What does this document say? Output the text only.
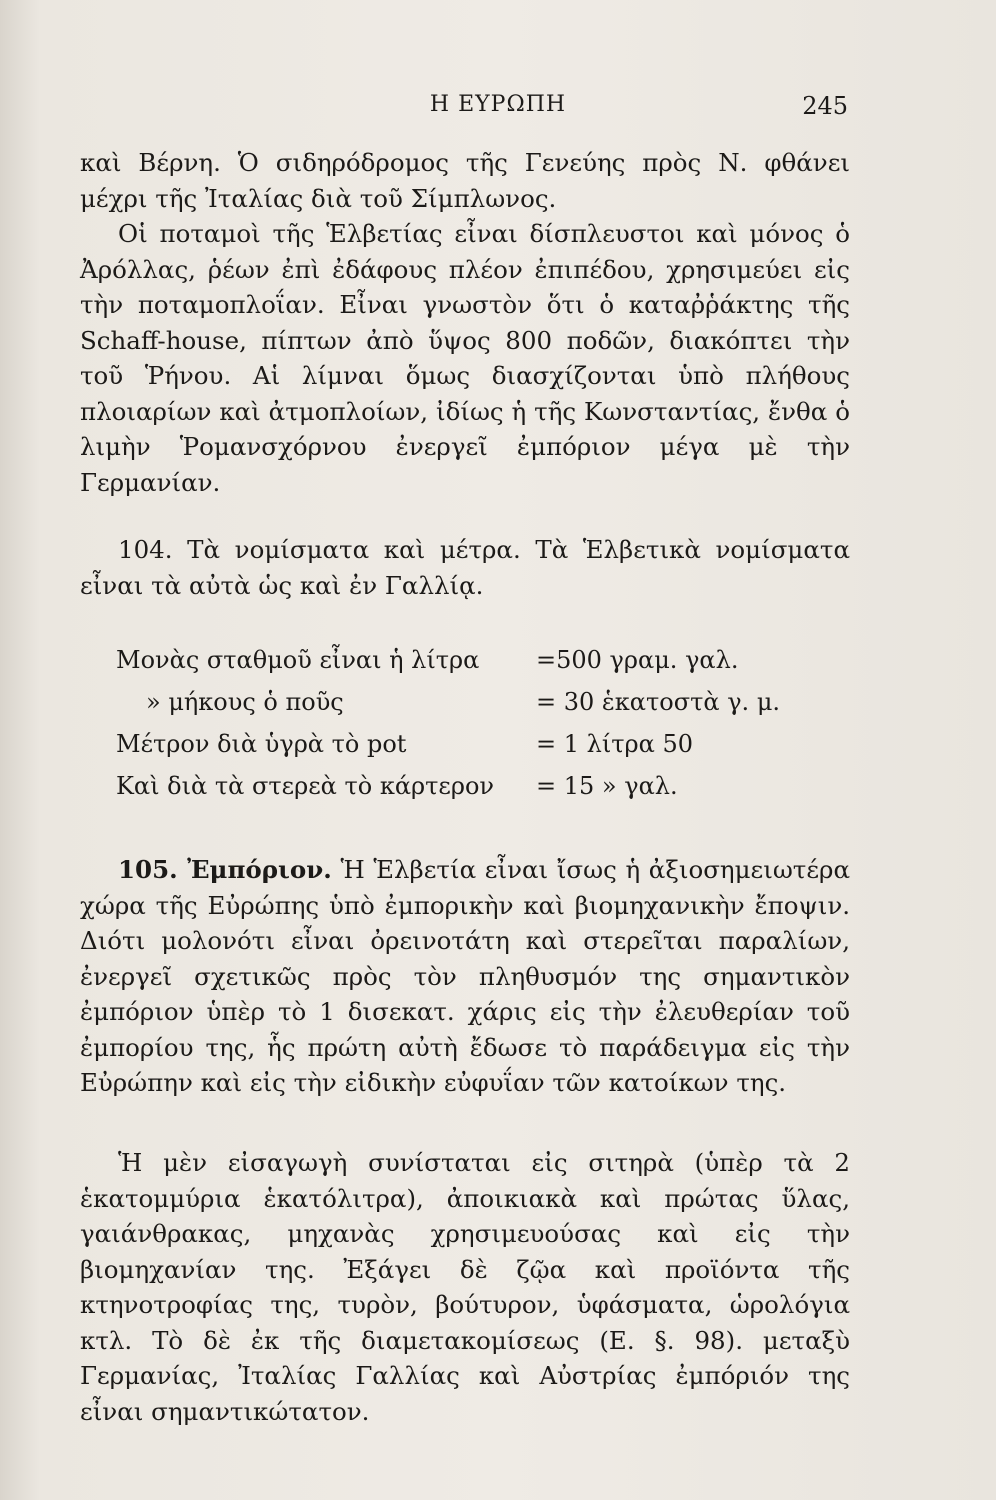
Η ΕΥΡΩΠΗ	245

καὶ Βέρνη. Ὁ σιδηρόδρομος τῆς Γενεύης πρὸς Ν. φθάνει μέχρι τῆς Ἰταλίας διὰ τοῦ Σίμπλωνος.

Οἱ ποταμοὶ τῆς Ἑλβετίας εἶναι δίσπλευστοι καὶ μόνος ὁ Ἀρόλλας, ῥέων ἐπὶ ἐδάφους πλέον ἐπιπέδου, χρησιμεύει εἰς τὴν ποταμοπλοΐαν. Εἶναι γνωστὸν ὅτι ὁ καταῤῥάκτης τῆς Schaff-house, πίπτων ἀπὸ ὕψος 800 ποδῶν, διακόπτει τὴν τοῦ Ῥήνου. Αἱ λίμναι ὅμως διασχίζονται ὑπὸ πλήθους πλοιαρίων καὶ ἀτμοπλοίων, ἰδίως ἡ τῆς Κωνσταντίας, ἔνθα ὁ λιμὴν Ῥομανσχόρνου ἐνεργεῖ ἐμπόριον μέγα μὲ τὴν Γερμανίαν.

104. Τὰ νομίσματα καὶ μέτρα. Τὰ Ἑλβετικὰ νομίσματα εἶναι τὰ αὐτὰ ὡς καὶ ἐν Γαλλίᾳ.

Μονὰς σταθμοῦ εἶναι ἡ λίτρα =500 γραμ. γαλ.
» μήκους ὁ ποῦς	= 30 ἑκατοστὰ γ. μ.
Μέτρον διὰ ὑγρὰ τὸ pot	= 1 λίτρα 50
Καὶ διὰ τὰ στερεὰ τὸ κάρτερον = 15 » γαλ.

105. Ἐμπόριον. Ἡ Ἑλβετία εἶναι ἴσως ἡ ἀξιοσημειωτέρα χώρα τῆς Εὐρώπης ὑπὸ ἐμπορικὴν καὶ βιομηχανικὴν ἔποψιν. Διότι μολονότι εἶναι ὀρεινοτάτη καὶ στερεῖται παραλίων, ἐνεργεῖ σχετικῶς πρὸς τὸν πληθυσμόν της σημαντικὸν ἐμπόριον ὑπὲρ τὸ 1 δισεκατ. χάρις εἰς τὴν ἐλευθερίαν τοῦ ἐμπορίου της, ἧς πρώτη αὐτὴ ἔδωσε τὸ παράδειγμα εἰς τὴν Εὐρώπην καὶ εἰς τὴν εἰδικὴν εὐφυΐαν τῶν κατοίκων της.

Ἡ μὲν εἰσαγωγὴ συνίσταται εἰς σιτηρὰ (ὑπὲρ τὰ 2 ἑκατομμύρια ἑκατόλιτρα), ἀποικιακὰ καὶ πρώτας ὕλας, γαιάνθρακας, μηχανὰς χρησιμευούσας καὶ εἰς τὴν βιομηχανίαν της. Ἐξάγει δὲ ζῷα καὶ προϊόντα τῆς κτηνοτροφίας της, τυρὸν, βούτυρον, ὑφάσματα, ὡρολόγια κτλ. Τὸ δὲ ἐκ τῆς διαμετακομίσεως (Ε. §. 98). μεταξὺ Γερμανίας, Ἰταλίας Γαλλίας καὶ Αὐστρίας ἐμπόριόν της εἶναι σημαντικώτατον.
